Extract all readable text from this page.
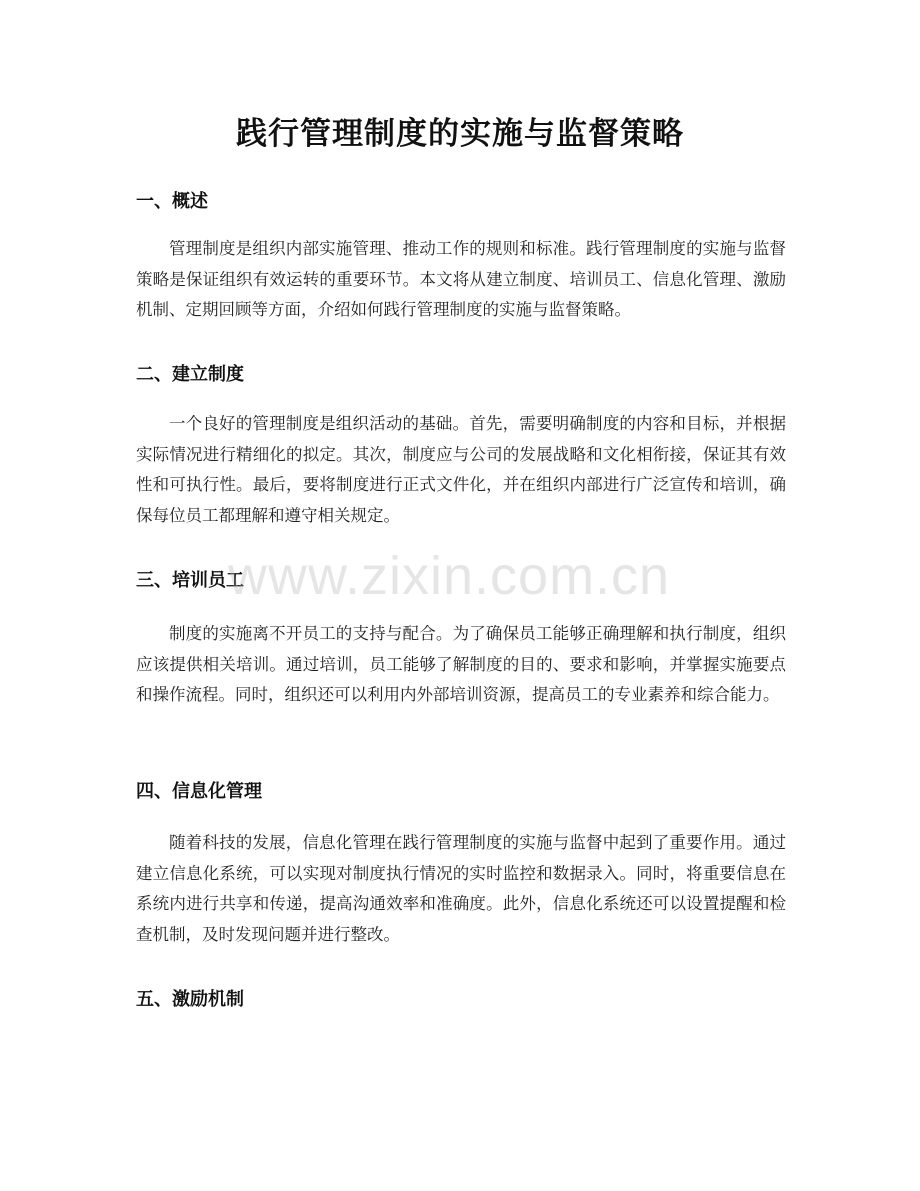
践行管理制度的实施与监督策略
一、概述
管理制度是组织内部实施管理、推动工作的规则和标准。践行管理制度的实施与监督策略是保证组织有效运转的重要环节。本文将从建立制度、培训员工、信息化管理、激励机制、定期回顾等方面，介绍如何践行管理制度的实施与监督策略。
二、建立制度
一个良好的管理制度是组织活动的基础。首先，需要明确制度的内容和目标，并根据实际情况进行精细化的拟定。其次，制度应与公司的发展战略和文化相衔接，保证其有效性和可执行性。最后，要将制度进行正式文件化，并在组织内部进行广泛宣传和培训，确保每位员工都理解和遵守相关规定。
三、培训员工
制度的实施离不开员工的支持与配合。为了确保员工能够正确理解和执行制度，组织应该提供相关培训。通过培训，员工能够了解制度的目的、要求和影响，并掌握实施要点和操作流程。同时，组织还可以利用内外部培训资源，提高员工的专业素养和综合能力。
四、信息化管理
随着科技的发展，信息化管理在践行管理制度的实施与监督中起到了重要作用。通过建立信息化系统，可以实现对制度执行情况的实时监控和数据录入。同时，将重要信息在系统内进行共享和传递，提高沟通效率和准确度。此外，信息化系统还可以设置提醒和检查机制，及时发现问题并进行整改。
五、激励机制
www.zixin.com.cn
